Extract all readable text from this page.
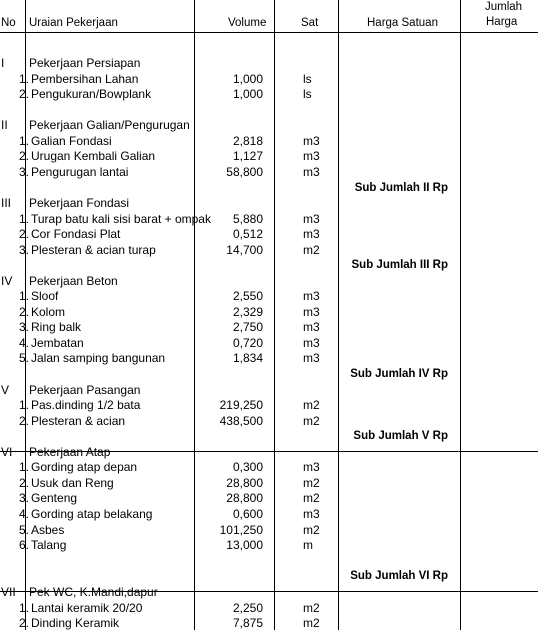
No Uraian Pekerjaan	Volume	Sat	Harga Satuan
Jumlah
Harga
I Pekerjaan Persiapan
1. Pembersihan Lahan	1,000	ls
2. Pengukuran/Bowplank	1,000	ls
II Pekerjaan Galian/Pengurugan
1. Galian Fondasi	2,818	m3
2. Urugan Kembali Galian	1,127	m3
3. Pengurugan lantai	58,800	m3
Sub Jumlah II Rp
III Pekerjaan Fondasi
1. Turap batu kali sisi barat + ompak 5,880	m3
2. Cor Fondasi Plat	0,512	m3
3. Plesteran & acian turap	14,700	m2
Sub Jumlah III Rp
IV Pekerjaan Beton
1. Sloof	2,550	m3
2. Kolom	2,329	m3
3. Ring balk	2,750	m3
4. Jembatan	0,720	m3
5. Jalan samping bangunan	1,834	m3
Sub Jumlah IV Rp
V Pekerjaan Pasangan
1. Pas.dinding 1/2 bata	219,250	m2
2. Plesteran & acian	438,500	m2
Sub Jumlah V Rp
VI Pekerjaan Atap
1. Gording atap depan	0,300	m3
2. Usuk dan Reng	28,800	m2
3. Genteng	28,800	m2
4. Gording atap belakang	0,600	m3
5. Asbes	101,250	m2
6. Talang	13,000	m
Sub Jumlah VI Rp
VII Pek WC, K.Mandi,dapur
1. Lantai keramik 20/20	2,250	m2
2. Dinding Keramik	7,875	m2
